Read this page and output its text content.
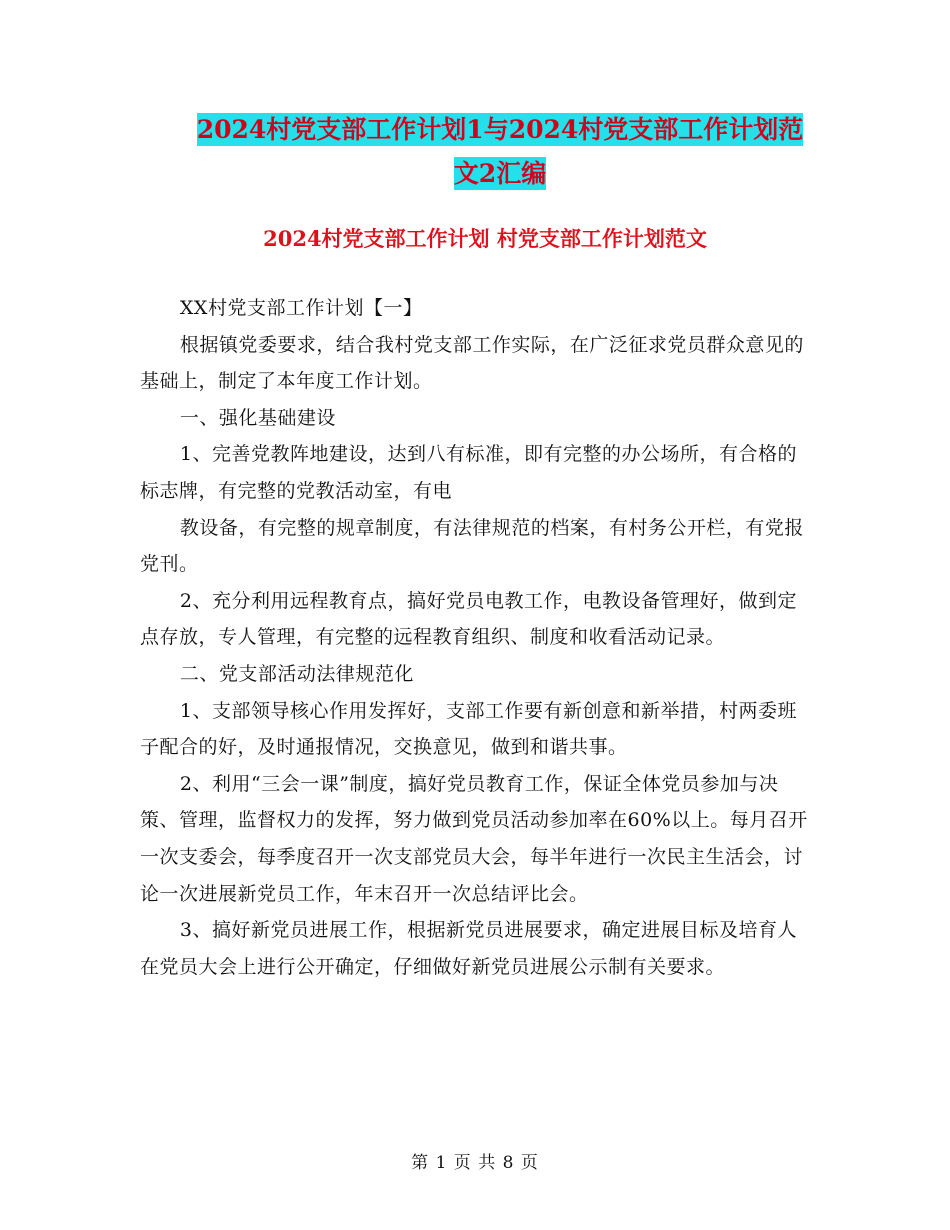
2024村党支部工作计划1与2024村党支部工作计划范
文2汇编
2024村党支部工作计划 村党支部工作计划范文

XX村党支部工作计划【一】

根据镇党委要求，结合我村党支部工作实际，在广泛征求党员群众意见的基础上，制定了本年度工作计划。

一、强化基础建设

1、完善党教阵地建设，达到八有标准，即有完整的办公场所，有合格的标志牌，有完整的党教活动室，有电

教设备，有完整的规章制度，有法律规范的档案，有村务公开栏，有党报党刊。

2、充分利用远程教育点，搞好党员电教工作，电教设备管理好，做到定点存放，专人管理，有完整的远程教育组织、制度和收看活动记录。

二、党支部活动法律规范化

1、支部领导核心作用发挥好，支部工作要有新创意和新举措，村两委班子配合的好，及时通报情况，交换意见，做到和谐共事。

2、利用“三会一课”制度，搞好党员教育工作，保证全体党员参加与决策、管理，监督权力的发挥，努力做到党员活动参加率在60%以上。每月召开一次支委会，每季度召开一次支部党员大会，每半年进行一次民主生活会，讨论一次进展新党员工作，年末召开一次总结评比会。

3、搞好新党员进展工作，根据新党员进展要求，确定进展目标及培育人在党员大会上进行公开确定，仔细做好新党员进展公示制有关要求。

第 1 页 共 8 页
